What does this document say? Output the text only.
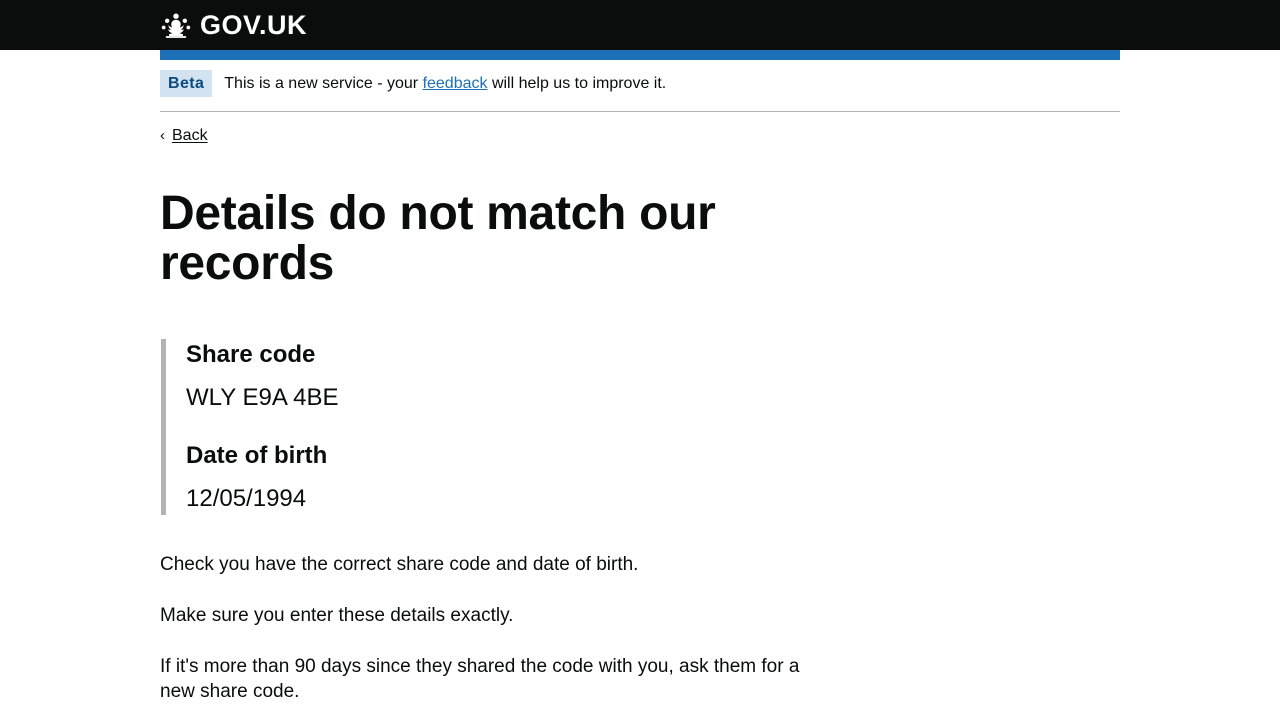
GOV.UK
Beta	This is a new service - your feedback will help us to improve it.
‹ Back
Details do not match our records

Share code

WLY E9A 4BE

Date of birth

12/05/1994

Check you have the correct share code and date of birth.

Make sure you enter these details exactly.

If it's more than 90 days since they shared the code with you, ask them for a new share code.
